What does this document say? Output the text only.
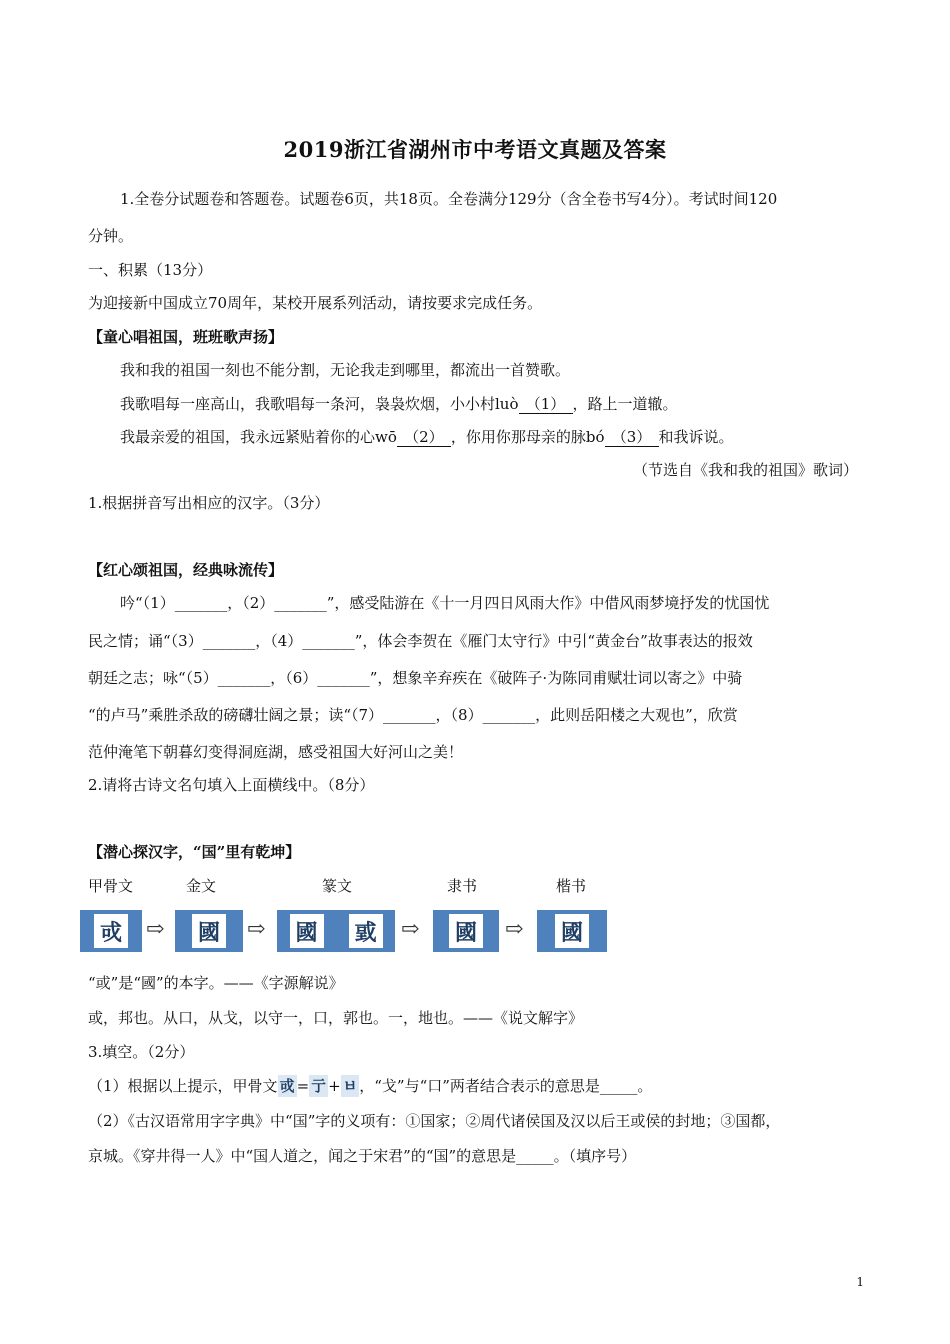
2019浙江省湖州市中考语文真题及答案
1.全卷分试题卷和答题卷。试题卷6页，共18页。全卷满分129分（含全卷书写4分）。考试时间120
分钟。
一、积累（13分）
为迎接新中国成立70周年，某校开展系列活动，请按要求完成任务。
【童心唱祖国，班班歌声扬】
我和我的祖国一刻也不能分割，无论我走到哪里，都流出一首赞歌。
我歌唱每一座高山，我歌唱每一条河，袅袅炊烟，小小村luò （1） ，路上一道辙。
我最亲爱的祖国，我永远紧贴着你的心wō （2） ，你用你那母亲的脉bó （3） 和我诉说。
（节选自《我和我的祖国》歌词）
1.根据拼音写出相应的汉字。（3分）
【红心颂祖国，经典咏流传】
吟“（1）_______，（2）_______”，感受陆游在《十一月四日风雨大作》中借风雨梦境抒发的忧国忧
民之情；诵“（3）_______，（4）_______”，体会李贺在《雁门太守行》中引“黄金台”故事表达的报效
朝廷之志；咏“（5）_______，（6）_______”，想象辛弃疾在《破阵子·为陈同甫赋壮词以寄之》中骑
“的卢马”乘胜杀敌的磅礴壮阔之景；读“（7）_______，（8）_______，此则岳阳楼之大观也”，欣赏
范仲淹笔下朝暮幻变得洞庭湖，感受祖国大好河山之美！
2.请将古诗文名句填入上面横线中。（8分）
【潜心探汉字，“国”里有乾坤】
甲骨文	金文	篆文	隶书	楷书
戓 ⇨ 國 ⇨ 國 戜 ⇨ 國 ⇨ 國
“或”是“國”的本字。——《字源解说》
或，邦也。从口，从戈，以守一，口，郭也。一，地也。——《说文解字》
3.填空。（2分）
（1）根据以上提示，甲骨文 戓 = 亍 + ㅂ ，“戈”与“口”两者结合表示的意思是_____。
（2）《古汉语常用字字典》中“国”字的义项有：①国家；②周代诸侯国及汉以后王或侯的封地；③国都，
京城。《穿井得一人》中“国人道之，闻之于宋君”的“国”的意思是_____。（填序号）
1
